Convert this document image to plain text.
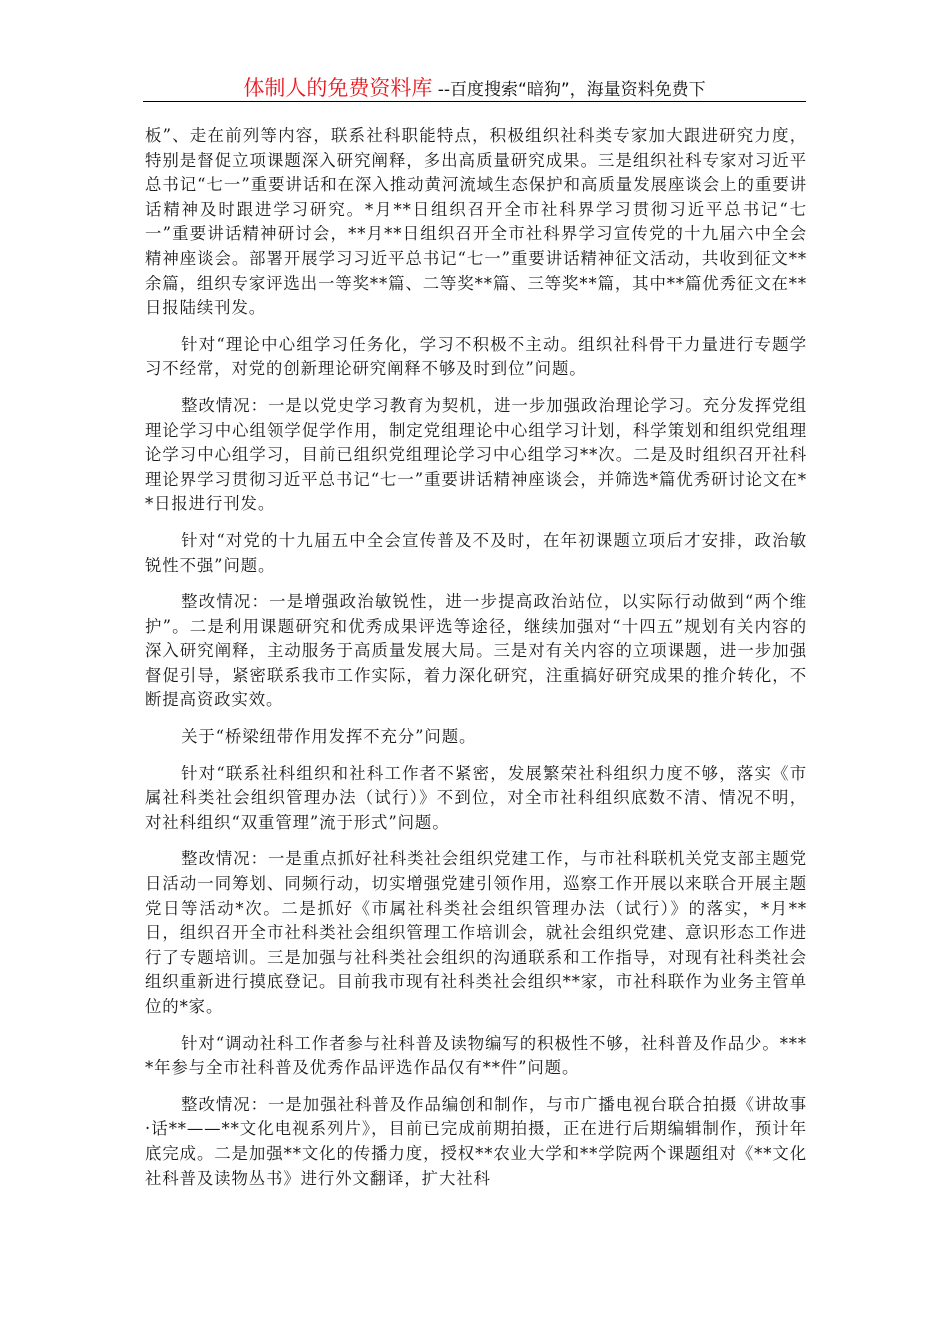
体制人的免费资料库 --百度搜索“暗狗”，海量资料免费下

板”、走在前列等内容，联系社科职能特点，积极组织社科类专家加大跟进研究力度，特别是督促立项课题深入研究阐释，多出高质量研究成果。三是组织社科专家对习近平总书记“七一”重要讲话和在深入推动黄河流域生态保护和高质量发展座谈会上的重要讲话精神及时跟进学习研究。*月**日组织召开全市社科界学习贯彻习近平总书记“七一”重要讲话精神研讨会，**月**日组织召开全市社科界学习宣传党的十九届六中全会精神座谈会。部署开展学习习近平总书记“七一”重要讲话精神征文活动，共收到征文**余篇，组织专家评选出一等奖**篇、二等奖**篇、三等奖**篇，其中**篇优秀征文在**日报陆续刊发。

针对“理论中心组学习任务化，学习不积极不主动。组织社科骨干力量进行专题学习不经常，对党的创新理论研究阐释不够及时到位”问题。

整改情况：一是以党史学习教育为契机，进一步加强政治理论学习。充分发挥党组理论学习中心组领学促学作用，制定党组理论中心组学习计划，科学策划和组织党组理论学习中心组学习，目前已组织党组理论学习中心组学习**次。二是及时组织召开社科理论界学习贯彻习近平总书记“七一”重要讲话精神座谈会，并筛选*篇优秀研讨论文在**日报进行刊发。

针对“对党的十九届五中全会宣传普及不及时，在年初课题立项后才安排，政治敏锐性不强”问题。

整改情况：一是增强政治敏锐性，进一步提高政治站位，以实际行动做到“两个维护”。二是利用课题研究和优秀成果评选等途径，继续加强对“十四五”规划有关内容的深入研究阐释，主动服务于高质量发展大局。三是对有关内容的立项课题，进一步加强督促引导，紧密联系我市工作实际，着力深化研究，注重搞好研究成果的推介转化，不断提高资政实效。

关于“桥梁纽带作用发挥不充分”问题。

针对“联系社科组织和社科工作者不紧密，发展繁荣社科组织力度不够，落实《市属社科类社会组织管理办法（试行）》不到位，对全市社科组织底数不清、情况不明，对社科组织“双重管理”流于形式”问题。

整改情况：一是重点抓好社科类社会组织党建工作，与市社科联机关党支部主题党日活动一同筹划、同频行动，切实增强党建引领作用，巡察工作开展以来联合开展主题党日等活动*次。二是抓好《市属社科类社会组织管理办法（试行）》的落实，*月**日，组织召开全市社科类社会组织管理工作培训会，就社会组织党建、意识形态工作进行了专题培训。三是加强与社科类社会组织的沟通联系和工作指导，对现有社科类社会组织重新进行摸底登记。目前我市现有社科类社会组织**家，市社科联作为业务主管单位的*家。

针对“调动社科工作者参与社科普及读物编写的积极性不够，社科普及作品少。****年参与全市社科普及优秀作品评选作品仅有**件”问题。

整改情况：一是加强社科普及作品编创和制作，与市广播电视台联合拍摄《讲故事·话**——**文化电视系列片》，目前已完成前期拍摄，正在进行后期编辑制作，预计年底完成。二是加强**文化的传播力度，授权**农业大学和**学院两个课题组对《**文化社科普及读物丛书》进行外文翻译，扩大社科
